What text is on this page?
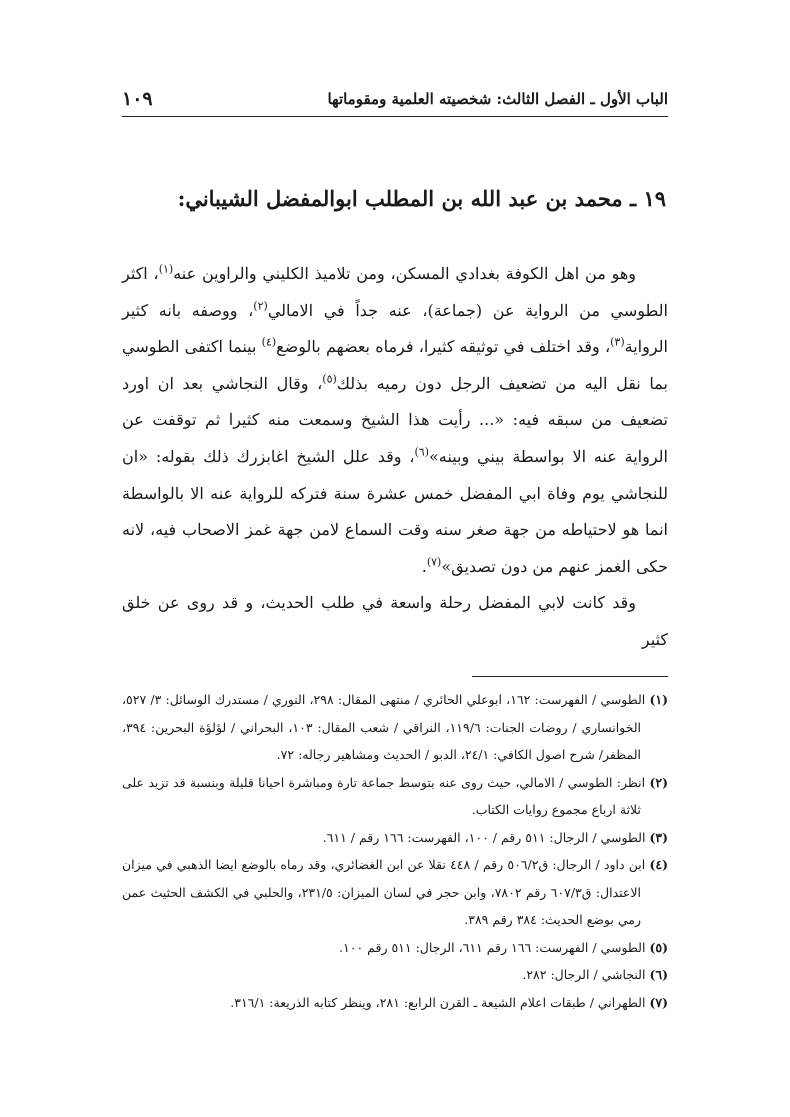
١٠٩	الباب الأول ـ الفصل الثالث: شخصيته العلمية ومقوماتها
١٩ ـ محمد بن عبد الله بن المطلب ابوالمفضل الشيباني:

وهو من اهل الكوفة بغدادي المسكن، ومن تلاميذ الكليني والراوين عنه$^{(١)}$، اكثر الطوسي من الرواية عن (جماعة)، عنه جداً في الامالي$^{(٢)}$، ووصفه بانه كثير الرواية$^{(٣)}$، وقد اختلف في توثيقه كثيرا، فرماه بعضهم بالوضع$^{(٤)}$ بينما اكتفى الطوسي بما نقل اليه من تضعيف الرجل دون رميه بذلك$^{(٥)}$، وقال النجاشي بعد ان اورد تضعيف من سبقه فيه: «... رأيت هذا الشيخ وسمعت منه كثيرا ثم توقفت عن الرواية عنه الا بواسطة بيني وبينه»$^{(٦)}$، وقد علل الشيخ اغابزرك ذلك بقوله: «ان للنجاشي يوم وفاة ابي المفضل خمس عشرة سنة فتركه للرواية عنه الا بالواسطة انما هو لاحتياطه من جهة صغر سنه وقت السماع لامن جهة غمز الاصحاب فيه، لانه حكى الغمز عنهم من دون تصديق»$^{(٧)}$.

وقد كانت لابي المفضل رحلة واسعة في طلب الحديث، و قد روى عن خلق كثير

(١) الطوسي / الفهرست: ١٦٢، ابوعلي الحائري / منتهى المقال: ٢٩٨، النوري / مستدرك الوسائل: ٣/ ٥٢٧، الخوانساري / روضات الجنات: ١١٩/٦، النراقي / شعب المقال: ١٠٣، البحراني / لؤلؤة البحرين: ٣٩٤، المظفر/ شرح اصول الكافي: ٢٤/١، الدبو / الحديث ومشاهير رجاله: ٧٢.

(٢) انظر: الطوسي / الامالي، حيث روى عنه بتوسط جماعة تارة ومباشرة احيانا قليلة وبنسبة قد تزيد على ثلاثة ارباع مجموع روايات الكتاب.

(٣) الطوسي / الرجال: ٥١١ رقم / ١٠٠، الفهرست: ١٦٦ رقم / ٦١١.

(٤) ابن داود / الرجال: ق٥٠٦/٢ رقم / ٤٤٨ نقلا عن ابن الغضائري، وقد رماه بالوضع ايضا الذهبي في ميزان الاعتدال: ق٦٠٧/٣ رقم ٧٨٠٢، وابن حجر في لسان الميزان: ٢٣١/٥، والحلبي في الكشف الحثيث عمن رمي بوضع الحديث: ٣٨٤ رقم ٣٨٩.

(٥) الطوسي / الفهرست: ١٦٦ رقم ٦١١، الرجال: ٥١١ رقم ١٠٠.

(٦) النجاشي / الرجال: ٢٨٢.

(٧) الطهراني / طبقات اعلام الشيعة ـ القرن الرابع: ٢٨١، وينظر كتابه الذريعة: ٣١٦/١.
